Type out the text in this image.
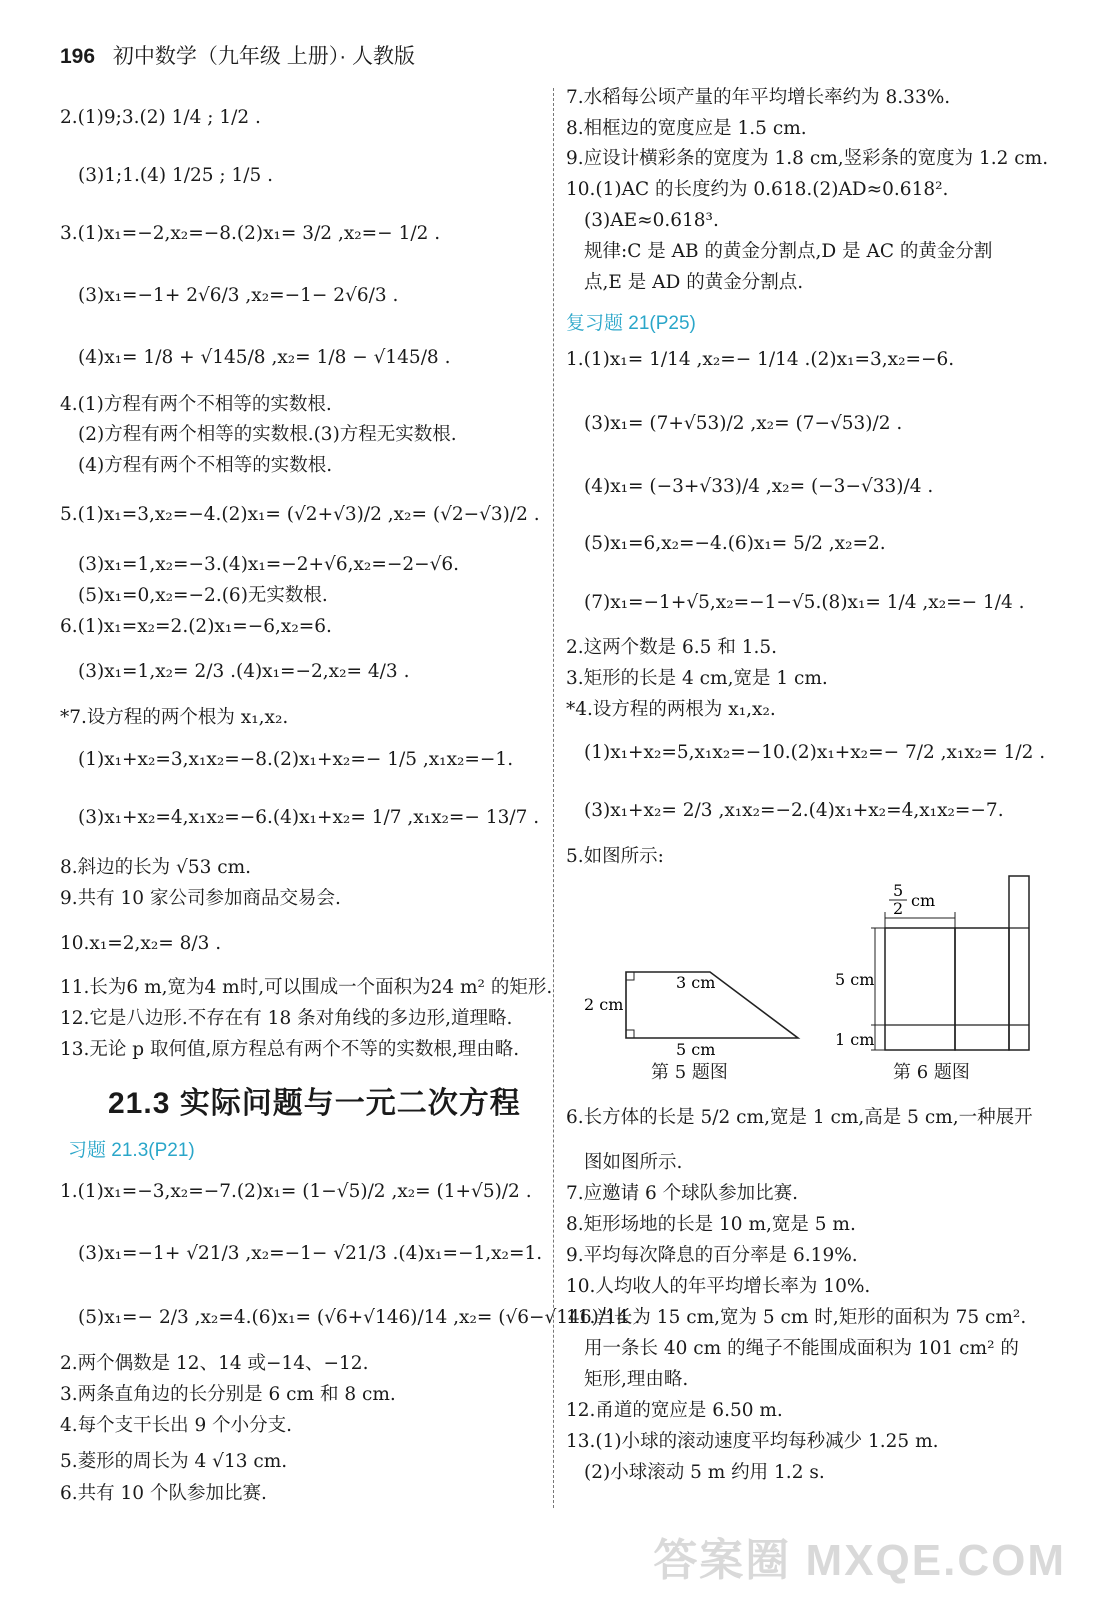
196 初中数学（九年级 上册）· 人教版
2.(1)9;3.(2) 1/4 ; 1/2 .
(3)1;1.(4) 1/25 ; 1/5 .
3.(1)x₁=−2,x₂=−8.(2)x₁= 3/2 ,x₂=− 1/2 .
(3)x₁=−1+ 2√6/3 ,x₂=−1− 2√6/3 .
(4)x₁= 1/8 + √145/8 ,x₂= 1/8 − √145/8 .
4.(1)方程有两个不相等的实数根.
(2)方程有两个相等的实数根.(3)方程无实数根.
(4)方程有两个不相等的实数根.
5.(1)x₁=3,x₂=−4.(2)x₁= (√2+√3)/2 ,x₂= (√2−√3)/2 .
(3)x₁=1,x₂=−3.(4)x₁=−2+√6,x₂=−2−√6.
(5)x₁=0,x₂=−2.(6)无实数根.
6.(1)x₁=x₂=2.(2)x₁=−6,x₂=6.
(3)x₁=1,x₂= 2/3 .(4)x₁=−2,x₂= 4/3 .
*7.设方程的两个根为 x₁,x₂.
(1)x₁+x₂=3,x₁x₂=−8.(2)x₁+x₂=− 1/5 ,x₁x₂=−1.
(3)x₁+x₂=4,x₁x₂=−6.(4)x₁+x₂= 1/7 ,x₁x₂=− 13/7 .
8.斜边的长为 √53 cm.
9.共有 10 家公司参加商品交易会.
10.x₁=2,x₂= 8/3 .
11.长为6 m,宽为4 m时,可以围成一个面积为24 m² 的矩形.
12.它是八边形.不存在有 18 条对角线的多边形,道理略.
13.无论 p 取何值,原方程总有两个不等的实数根,理由略.
1.(1)x₁=−3,x₂=−7.(2)x₁= (1−√5)/2 ,x₂= (1+√5)/2 .
(3)x₁=−1+ √21/3 ,x₂=−1− √21/3 .(4)x₁=−1,x₂=1.
(5)x₁=− 2/3 ,x₂=4.(6)x₁= (√6+√146)/14 ,x₂= (√6−√146)/14 .
2.两个偶数是 12、14 或−14、−12.
3.两条直角边的长分别是 6 cm 和 8 cm.
4.每个支干长出 9 个小分支.
5.菱形的周长为 4 √13 cm.
6.共有 10 个队参加比赛.
7.水稻每公顷产量的年平均增长率约为 8.33%.
8.相框边的宽度应是 1.5 cm.
9.应设计横彩条的宽度为 1.8 cm,竖彩条的宽度为 1.2 cm.
10.(1)AC 的长度约为 0.618.(2)AD≈0.618².
(3)AE≈0.618³.
规律:C 是 AB 的黄金分割点,D 是 AC 的黄金分割
点,E 是 AD 的黄金分割点.
1.(1)x₁= 1/14 ,x₂=− 1/14 .(2)x₁=3,x₂=−6.
(3)x₁= (7+√53)/2 ,x₂= (7−√53)/2 .
(4)x₁= (−3+√33)/4 ,x₂= (−3−√33)/4 .
(5)x₁=6,x₂=−4.(6)x₁= 5/2 ,x₂=2.
(7)x₁=−1+√5,x₂=−1−√5.(8)x₁= 1/4 ,x₂=− 1/4 .
2.这两个数是 6.5 和 1.5.
3.矩形的长是 4 cm,宽是 1 cm.
*4.设方程的两根为 x₁,x₂.
(1)x₁+x₂=5,x₁x₂=−10.(2)x₁+x₂=− 7/2 ,x₁x₂= 1/2 .
(3)x₁+x₂= 2/3 ,x₁x₂=−2.(4)x₁+x₂=4,x₁x₂=−7.
5.如图所示:
6.长方体的长是 5/2 cm,宽是 1 cm,高是 5 cm,一种展开
图如图所示.
7.应邀请 6 个球队参加比赛.
8.矩形场地的长是 10 m,宽是 5 m.
9.平均每次降息的百分率是 6.19%.
10.人均收人的年平均增长率为 10%.
11.当长为 15 cm,宽为 5 cm 时,矩形的面积为 75 cm².
用一条长 40 cm 的绳子不能围成面积为 101 cm² 的
矩形,理由略.
12.甬道的宽应是 6.50 m.
13.(1)小球的滚动速度平均每秒减少 1.25 m.
(2)小球滚动 5 m 约用 1.2 s.
21.3 实际问题与一元二次方程
习题 21.3(P21)
复习题 21(P25)
3 cm
2 cm
5 cm
第 5 题图
5
2 cm
5 cm
1 cm
第 6 题图
答案圈 MXQE.COM
